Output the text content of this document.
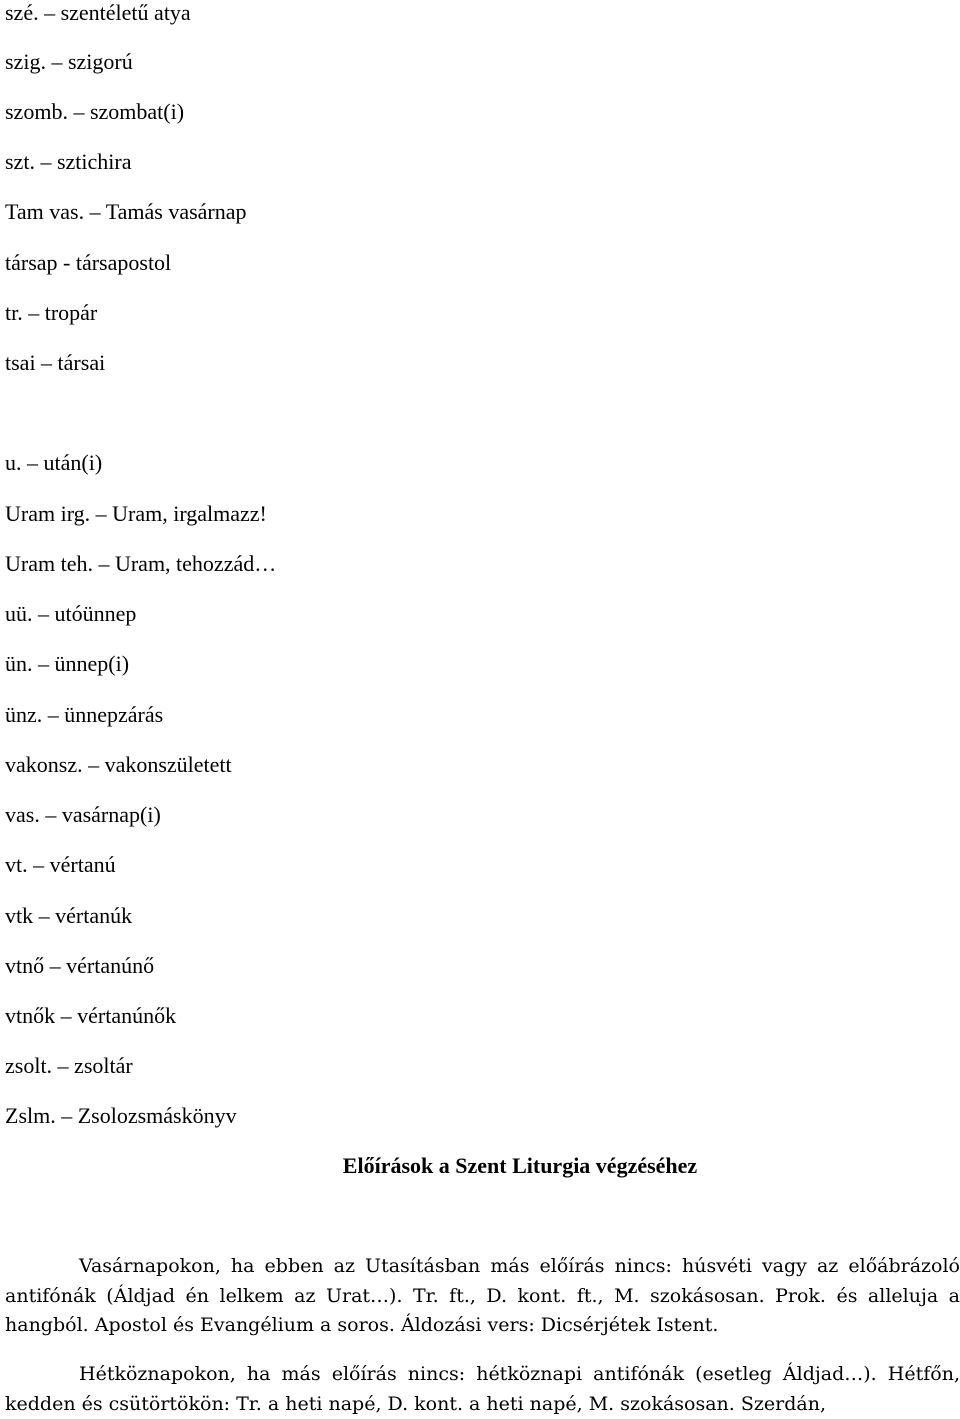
szé. – szentéletű atya
szig. – szigorú
szomb. – szombat(i)
szt. – sztichira
Tam vas. – Tamás vasárnap
társap - társapostol
tr. – tropár
tsai – társai
u. – után(i)
Uram irg. – Uram, irgalmazz!
Uram teh. – Uram, tehozzád…
uü. – utóünnep
ün. – ünnep(i)
ünz. – ünnepzárás
vakonsz. – vakonszületett
vas. – vasárnap(i)
vt. – vértanú
vtk – vértanúk
vtnő – vértanúnő
vtnők – vértanúnők
zsolt. – zsoltár
Zslm. – Zsolozsmáskönyv
Előírások a Szent Liturgia végzéséhez

Vasárnapokon, ha ebben az Utasításban más előírás nincs: húsvéti vagy az előábrázoló antifónák (Áldjad én lelkem az Urat…). Tr. ft., D. kont. ft., M. szokásosan. Prok. és alleluja a hangból. Apostol és Evangélium a soros. Áldozási vers: Dicsérjétek Istent.

Hétköznapokon, ha más előírás nincs: hétköznapi antifónák (esetleg Áldjad…). Hétfőn, kedden és csütörtökön: Tr. a heti napé, D. kont. a heti napé, M. szokásosan. Szerdán,
